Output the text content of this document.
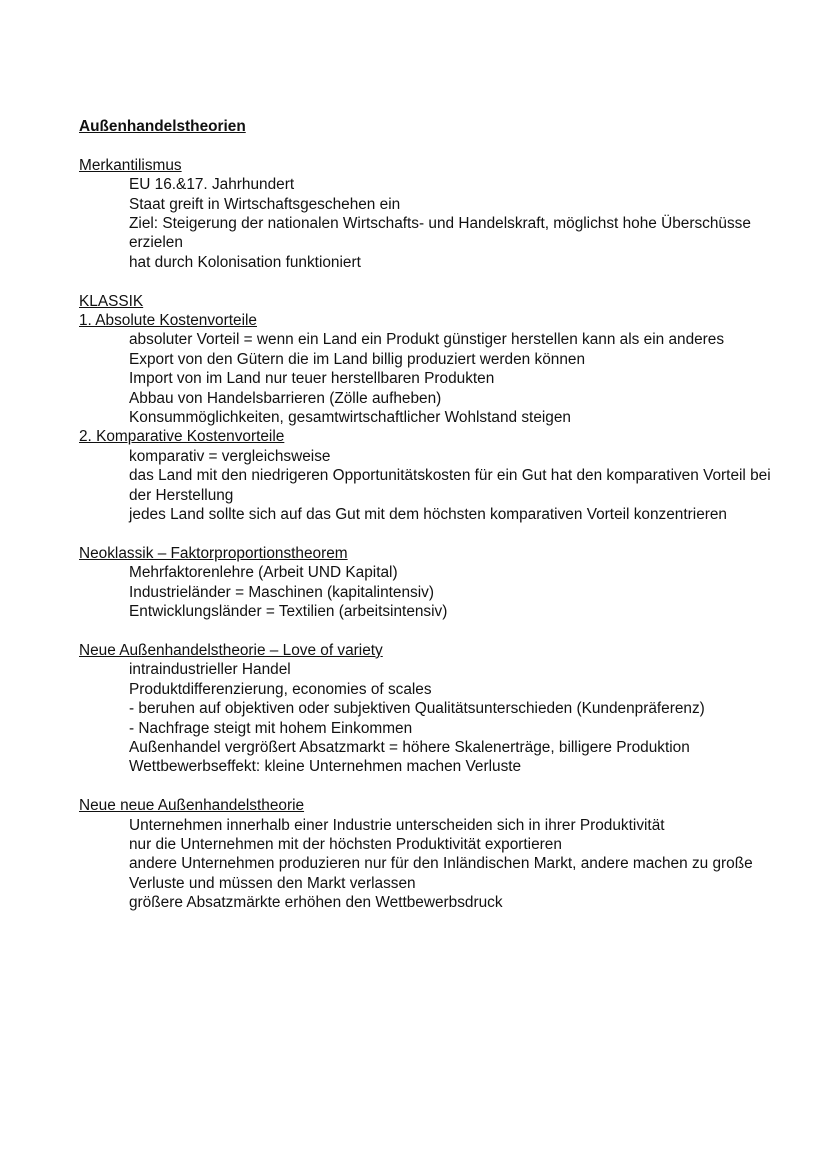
Außenhandelstheorien
Merkantilismus
EU 16.&17. Jahrhundert
Staat greift in Wirtschaftsgeschehen ein
Ziel: Steigerung der nationalen Wirtschafts- und Handelskraft, möglichst hohe Überschüsse erzielen
hat durch Kolonisation funktioniert
KLASSIK
1. Absolute Kostenvorteile
absoluter Vorteil = wenn ein Land ein Produkt günstiger herstellen kann als ein anderes
Export von den Gütern die im Land billig produziert werden können
Import von im Land nur teuer herstellbaren Produkten
Abbau von Handelsbarrieren (Zölle aufheben)
Konsummöglichkeiten, gesamtwirtschaftlicher Wohlstand steigen
2. Komparative Kostenvorteile
komparativ = vergleichsweise
das Land mit den niedrigeren Opportunitätskosten für ein Gut hat den komparativen Vorteil bei der Herstellung
jedes Land sollte sich auf das Gut mit dem höchsten komparativen Vorteil konzentrieren
Neoklassik – Faktorproportionstheorem
Mehrfaktorenlehre (Arbeit UND Kapital)
Industrieländer = Maschinen (kapitalintensiv)
Entwicklungsländer = Textilien (arbeitsintensiv)
Neue Außenhandelstheorie – Love of variety
intraindustrieller Handel
Produktdifferenzierung, economies of scales
- beruhen auf objektiven oder subjektiven Qualitätsunterschieden (Kundenpräferenz)
- Nachfrage steigt mit hohem Einkommen
Außenhandel vergrößert Absatzmarkt = höhere Skalenerträge, billigere Produktion
Wettbewerbseffekt: kleine Unternehmen machen Verluste
Neue neue Außenhandelstheorie
Unternehmen innerhalb einer Industrie unterscheiden sich in ihrer Produktivität
nur die Unternehmen mit der höchsten Produktivität exportieren
andere Unternehmen produzieren nur für den Inländischen Markt, andere machen zu große Verluste und müssen den Markt verlassen
größere Absatzmärkte erhöhen den Wettbewerbsdruck
